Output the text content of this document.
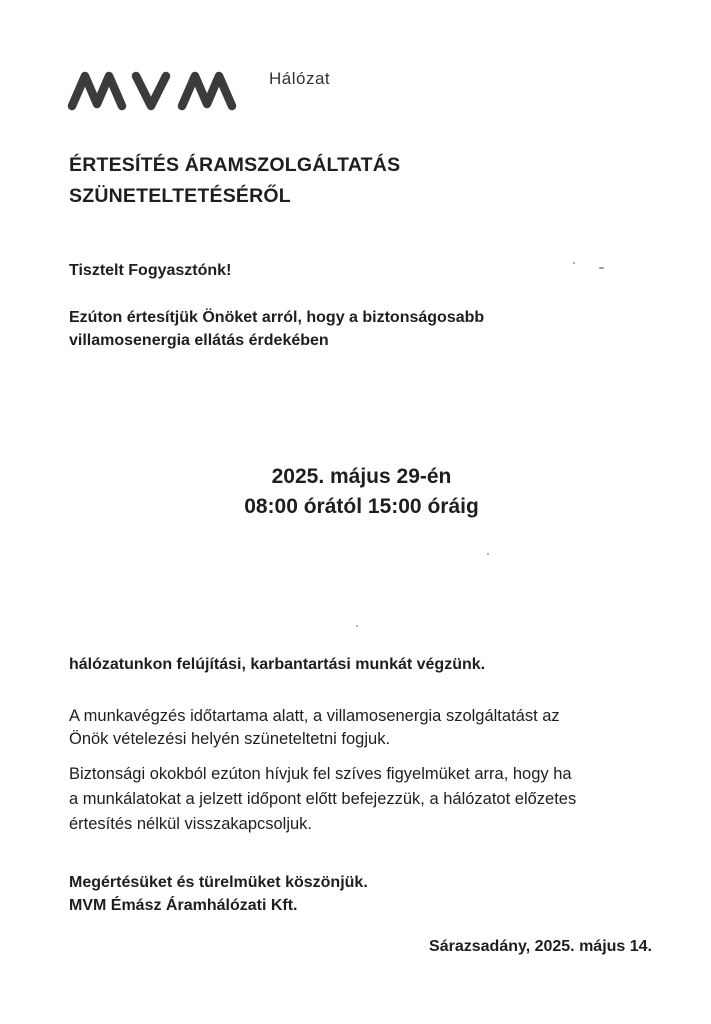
Hálózat
ÉRTESÍTÉS ÁRAMSZOLGÁLTATÁS
SZÜNETELTETÉSÉRŐL
Tisztelt Fogyasztónk!
Ezúton értesítjük Önöket arról, hogy a biztonságosabb
villamosenergia ellátás érdekében
2025. május 29-én
08:00 órától 15:00 óráig
hálózatunkon felújítási, karbantartási munkát végzünk.
A munkavégzés időtartama alatt, a villamosenergia szolgáltatást az
Önök vételezési helyén szüneteltetni fogjuk.
Biztonsági okokból ezúton hívjuk fel szíves figyelmüket arra, hogy ha
a munkálatokat a jelzett időpont előtt befejezzük, a hálózatot előzetes
értesítés nélkül visszakapcsoljuk.
Megértésüket és türelmüket köszönjük.
MVM Émász Áramhálózati Kft.
Sárazsadány, 2025. május 14.
